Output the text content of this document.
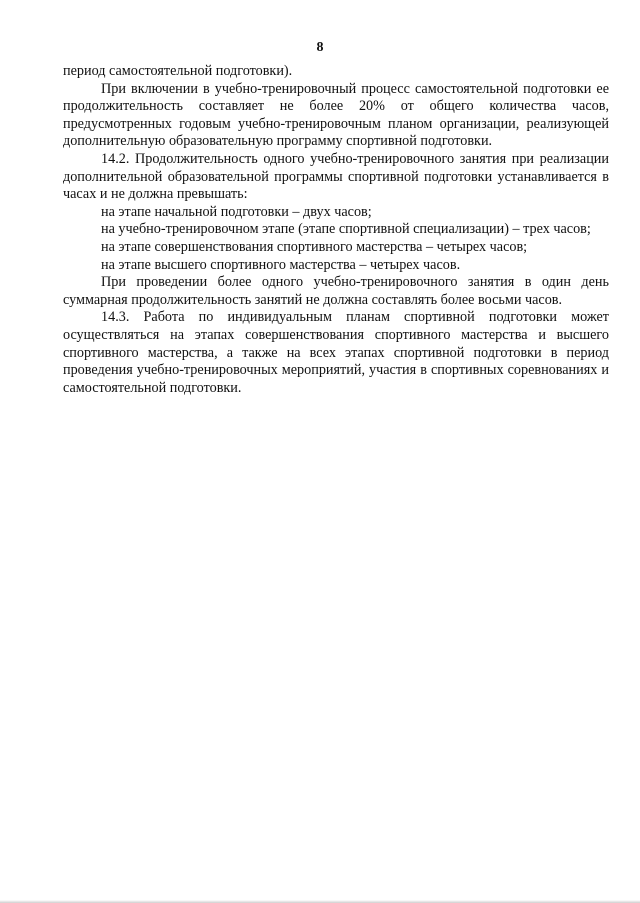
8

период самостоятельной подготовки).

При включении в учебно-тренировочный процесс самостоятельной подготовки ее продолжительность составляет не более 20% от общего количества часов, предусмотренных годовым учебно-тренировочным планом организации, реализующей дополнительную образовательную программу спортивной подготовки.

14.2. Продолжительность одного учебно-тренировочного занятия при реализации дополнительной образовательной программы спортивной подготовки устанавливается в часах и не должна превышать:

на этапе начальной подготовки – двух часов;

на учебно-тренировочном этапе (этапе спортивной специализации) – трех часов;

на этапе совершенствования спортивного мастерства – четырех часов;

на этапе высшего спортивного мастерства – четырех часов.

При проведении более одного учебно-тренировочного занятия в один день суммарная продолжительность занятий не должна составлять более восьми часов.

14.3. Работа по индивидуальным планам спортивной подготовки может осуществляться на этапах совершенствования спортивного мастерства и высшего спортивного мастерства, а также на всех этапах спортивной подготовки в период проведения учебно-тренировочных мероприятий, участия в спортивных соревнованиях и самостоятельной подготовки.
